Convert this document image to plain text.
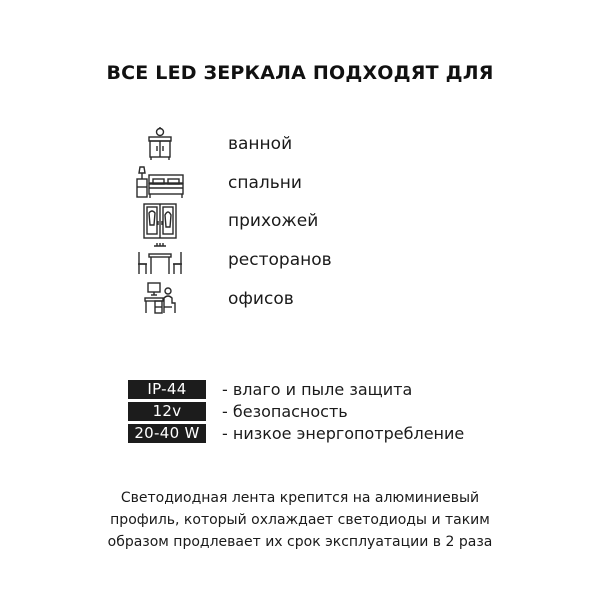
ВСЕ LED ЗЕРКАЛА ПОДХОДЯТ ДЛЯ
ванной
спальни
прихожей
ресторанов
офисов
IP-44	- влаго и пыле защита
12v	- безопасность
20-40 W	- низкое энергопотребление
Светодиодная лента крепится на алюминиевый
профиль, который охлаждает светодиоды и таким
образом продлевает их срок эксплуатации в 2 раза
